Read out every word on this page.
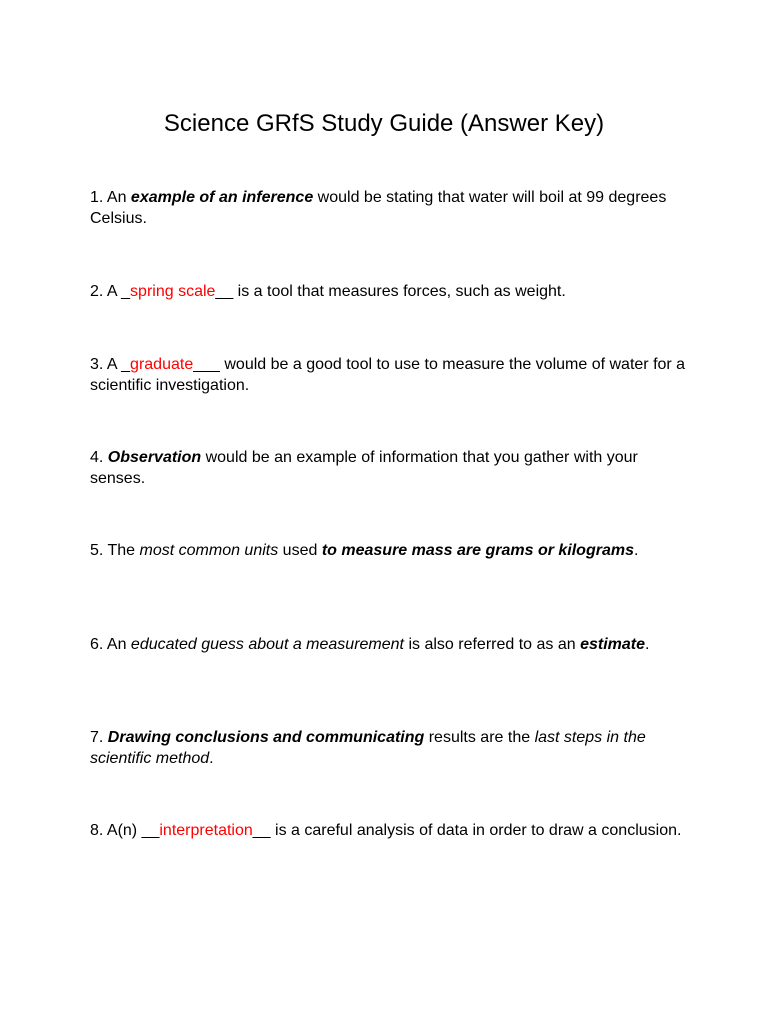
Science GRfS Study Guide (Answer Key)

1. An example of an inference would be stating that water will boil at 99 degrees Celsius.

2. A _spring scale__ is a tool that measures forces, such as weight.

3. A _graduate___ would be a good tool to use to measure the volume of water for a scientific investigation.

4. Observation would be an example of information that you gather with your senses.

5. The most common units used to measure mass are grams or kilograms.

6. An educated guess about a measurement is also referred to as an estimate.

7. Drawing conclusions and communicating results are the last steps in the scientific method.

8. A(n) __interpretation__ is a careful analysis of data in order to draw a conclusion.
